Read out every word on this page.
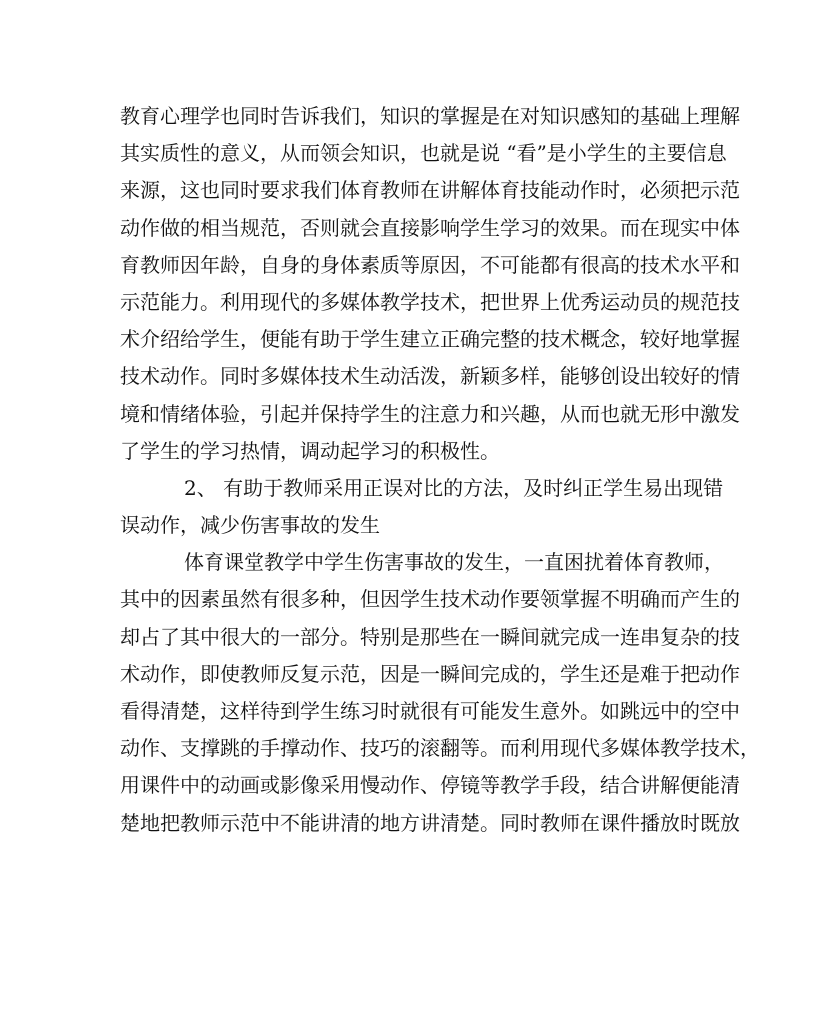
教育心理学也同时告诉我们，知识的掌握是在对知识感知的基础上理解
其实质性的意义，从而领会知识，也就是说 “看”是小学生的主要信息
来源，这也同时要求我们体育教师在讲解体育技能动作时，必须把示范
动作做的相当规范，否则就会直接影响学生学习的效果。而在现实中体
育教师因年龄，自身的身体素质等原因，不可能都有很高的技术水平和
示范能力。利用现代的多媒体教学技术，把世界上优秀运动员的规范技
术介绍给学生，便能有助于学生建立正确完整的技术概念，较好地掌握
技术动作。同时多媒体技术生动活泼，新颖多样，能够创设出较好的情
境和情绪体验，引起并保持学生的注意力和兴趣，从而也就无形中激发
了学生的学习热情，调动起学习的积极性。
2、 有助于教师采用正误对比的方法，及时纠正学生易出现错
误动作，减少伤害事故的发生
体育课堂教学中学生伤害事故的发生，一直困扰着体育教师，
其中的因素虽然有很多种，但因学生技术动作要领掌握不明确而产生的
却占了其中很大的一部分。特别是那些在一瞬间就完成一连串复杂的技
术动作，即使教师反复示范，因是一瞬间完成的，学生还是难于把动作
看得清楚，这样待到学生练习时就很有可能发生意外。如跳远中的空中
动作、支撑跳的手撑动作、技巧的滚翻等。而利用现代多媒体教学技术，
用课件中的动画或影像采用慢动作、停镜等教学手段，结合讲解便能清
楚地把教师示范中不能讲清的地方讲清楚。同时教师在课件播放时既放
